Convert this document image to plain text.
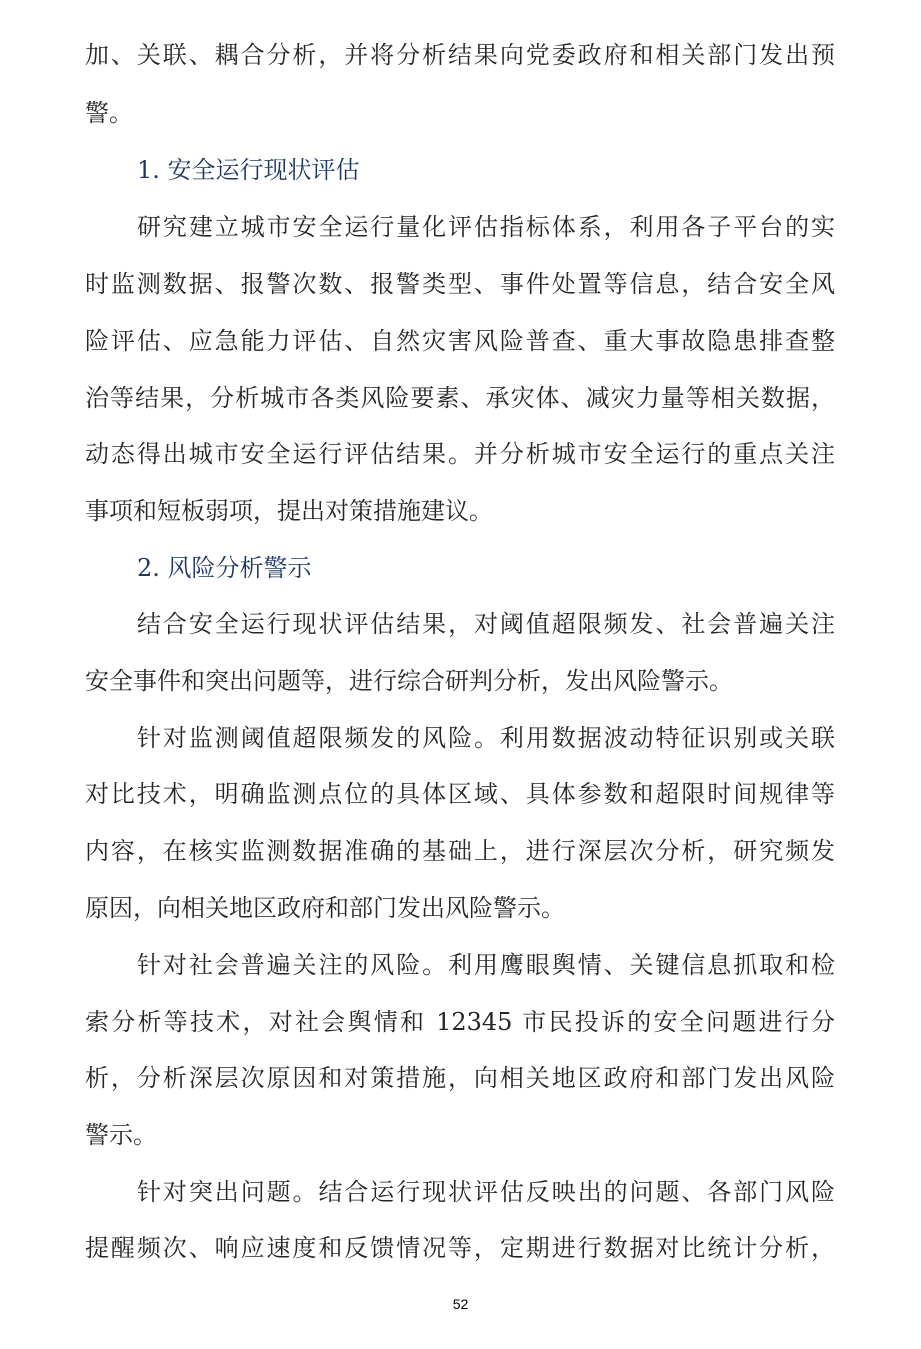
加、关联、耦合分析，并将分析结果向党委政府和相关部门发出预
警。
1. 安全运行现状评估
研究建立城市安全运行量化评估指标体系，利用各子平台的实
时监测数据、报警次数、报警类型、事件处置等信息，结合安全风
险评估、应急能力评估、自然灾害风险普查、重大事故隐患排查整
治等结果，分析城市各类风险要素、承灾体、减灾力量等相关数据，
动态得出城市安全运行评估结果。并分析城市安全运行的重点关注
事项和短板弱项，提出对策措施建议。
2. 风险分析警示
结合安全运行现状评估结果，对阈值超限频发、社会普遍关注
安全事件和突出问题等，进行综合研判分析，发出风险警示。
针对监测阈值超限频发的风险。利用数据波动特征识别或关联
对比技术，明确监测点位的具体区域、具体参数和超限时间规律等
内容，在核实监测数据准确的基础上，进行深层次分析，研究频发
原因，向相关地区政府和部门发出风险警示。
针对社会普遍关注的风险。利用鹰眼舆情、关键信息抓取和检
索分析等技术，对社会舆情和 12345 市民投诉的安全问题进行分
析，分析深层次原因和对策措施，向相关地区政府和部门发出风险
警示。
针对突出问题。结合运行现状评估反映出的问题、各部门风险
提醒频次、响应速度和反馈情况等，定期进行数据对比统计分析，
52
